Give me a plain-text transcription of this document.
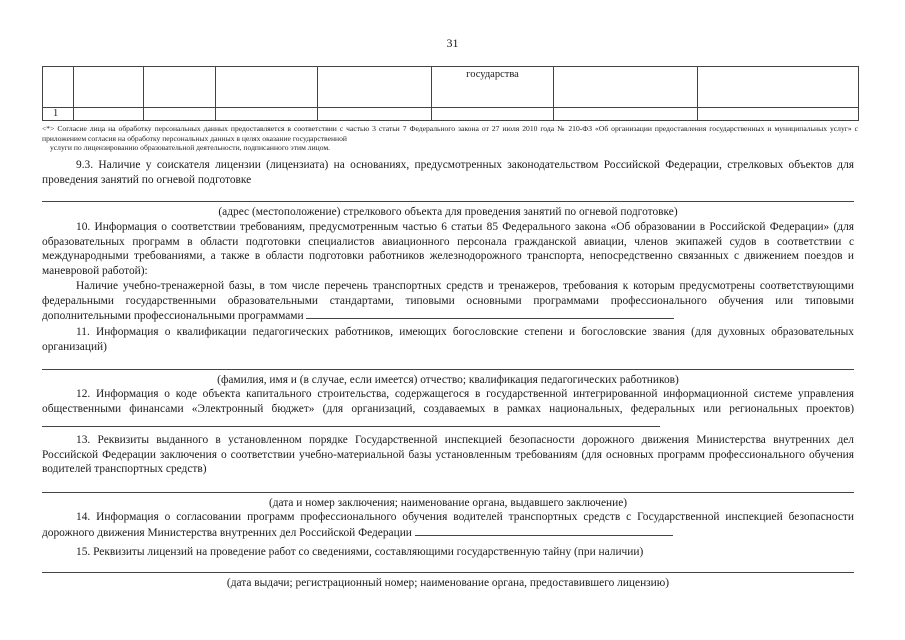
31
					государства		
1							
<*> Согласие лица на обработку персональных данных предоставляется в соответствии с частью 3 статьи 7 Федерального закона от 27 июля 2010 года № 210-ФЗ «Об организации предоставления государственных и муниципальных услуг» с приложением согласия на обработку персональных данных в целях оказание государственной
услуги по лицензированию образовательной деятельности, подписанного этим лицом.

9.3. Наличие у соискателя лицензии (лицензиата) на основаниях, предусмотренных законодательством Российской Федерации, стрелковых объектов для проведения занятий по огневой подготовке

(адрес (местоположение) стрелкового объекта для проведения занятий по огневой подготовке)

10. Информация о соответствии требованиям, предусмотренным частью 6 статьи 85 Федерального закона «Об образовании в Российской Федерации» (для образовательных программ в области подготовки специалистов авиационного персонала гражданской авиации, членов экипажей судов в соответствии с международными требованиями, а также в области подготовки работников железнодорожного транспорта, непосредственно связанных с движением поездов и маневровой работой):

Наличие учебно-тренажерной базы, в том числе перечень транспортных средств и тренажеров, требования к которым предусмотрены соответствующими федеральными государственными образовательными стандартами, типовыми основными программами профессионального обучения или типовыми дополнительными профессиональными программами

11. Информация о квалификации педагогических работников, имеющих богословские степени и богословские звания (для духовных образовательных организаций)

(фамилия, имя и (в случае, если имеется) отчество; квалификация педагогических работников)

12. Информация о коде объекта капитального строительства, содержащегося в государственной интегрированной информационной системе управления общественными финансами «Электронный бюджет» (для организаций, создаваемых в рамках национальных, федеральных или региональных проектов)

13. Реквизиты выданного в установленном порядке Государственной инспекцией безопасности дорожного движения Министерства внутренних дел Российской Федерации заключения о соответствии учебно-материальной базы установленным требованиям (для основных программ профессионального обучения водителей транспортных средств)

(дата и номер заключения; наименование органа, выдавшего заключение)

14. Информация о согласовании программ профессионального обучения водителей транспортных средств с Государственной инспекцией безопасности дорожного движения Министерства внутренних дел Российской Федерации

15. Реквизиты лицензий на проведение работ со сведениями, составляющими государственную тайну (при наличии)

(дата выдачи; регистрационный номер; наименование органа, предоставившего лицензию)
